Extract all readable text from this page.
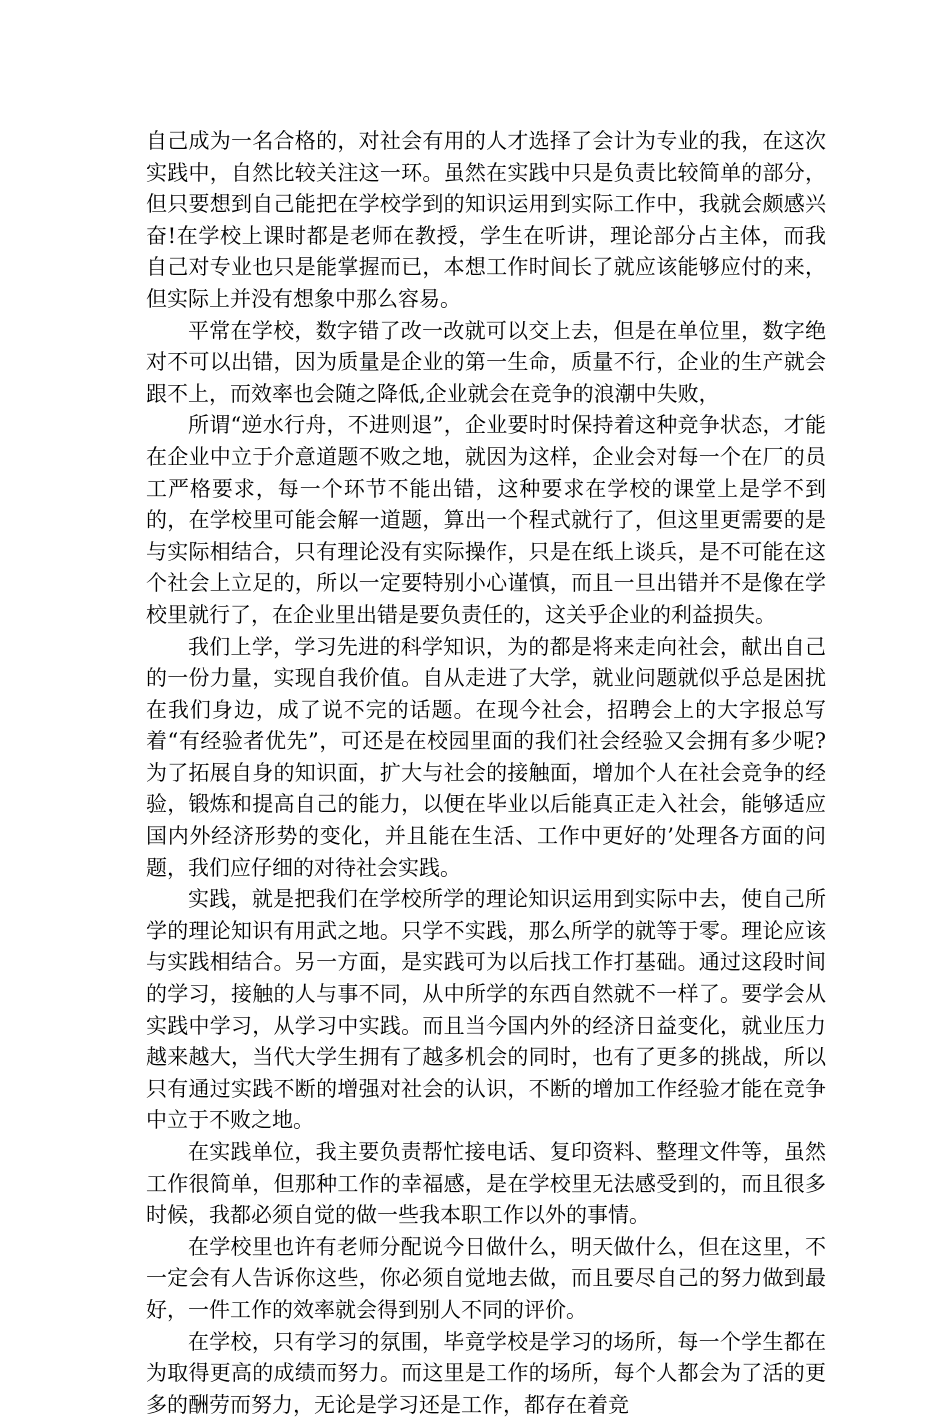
自己成为一名合格的，对社会有用的人才选择了会计为专业的我，在这次实践中，自然比较关注这一环。虽然在实践中只是负责比较简单的部分，但只要想到自己能把在学校学到的知识运用到实际工作中，我就会颇感兴奋!在学校上课时都是老师在教授，学生在听讲，理论部分占主体，而我自己对专业也只是能掌握而已，本想工作时间长了就应该能够应付的来，但实际上并没有想象中那么容易。

平常在学校，数字错了改一改就可以交上去，但是在单位里，数字绝对不可以出错，因为质量是企业的第一生命，质量不行，企业的生产就会跟不上，而效率也会随之降低,企业就会在竞争的浪潮中失败，

所谓“逆水行舟，不进则退”，企业要时时保持着这种竞争状态，才能在企业中立于介意道题不败之地，就因为这样，企业会对每一个在厂的员工严格要求，每一个环节不能出错，这种要求在学校的课堂上是学不到的，在学校里可能会解一道题，算出一个程式就行了，但这里更需要的是与实际相结合，只有理论没有实际操作，只是在纸上谈兵，是不可能在这个社会上立足的，所以一定要特别小心谨慎，而且一旦出错并不是像在学校里就行了，在企业里出错是要负责任的，这关乎企业的利益损失。

我们上学，学习先进的科学知识，为的都是将来走向社会，献出自己的一份力量，实现自我价值。自从走进了大学，就业问题就似乎总是困扰在我们身边，成了说不完的话题。在现今社会，招聘会上的大字报总写着“有经验者优先”，可还是在校园里面的我们社会经验又会拥有多少呢?为了拓展自身的知识面，扩大与社会的接触面，增加个人在社会竞争的经验，锻炼和提高自己的能力，以便在毕业以后能真正走入社会，能够适应国内外经济形势的变化，并且能在生活、工作中更好的’处理各方面的问题，我们应仔细的对待社会实践。

实践，就是把我们在学校所学的理论知识运用到实际中去，使自己所学的理论知识有用武之地。只学不实践，那么所学的就等于零。理论应该与实践相结合。另一方面，是实践可为以后找工作打基础。通过这段时间的学习，接触的人与事不同，从中所学的东西自然就不一样了。要学会从实践中学习，从学习中实践。而且当今国内外的经济日益变化，就业压力越来越大，当代大学生拥有了越多机会的同时，也有了更多的挑战，所以只有通过实践不断的增强对社会的认识，不断的增加工作经验才能在竞争中立于不败之地。

在实践单位，我主要负责帮忙接电话、复印资料、整理文件等，虽然工作很简单，但那种工作的幸福感，是在学校里无法感受到的，而且很多时候，我都必须自觉的做一些我本职工作以外的事情。

在学校里也许有老师分配说今日做什么，明天做什么，但在这里，不一定会有人告诉你这些，你必须自觉地去做，而且要尽自己的努力做到最好，一件工作的效率就会得到别人不同的评价。

在学校，只有学习的氛围，毕竟学校是学习的场所，每一个学生都在为取得更高的成绩而努力。而这里是工作的场所，每个人都会为了活的更多的酬劳而努力，无论是学习还是工作，都存在着竞
